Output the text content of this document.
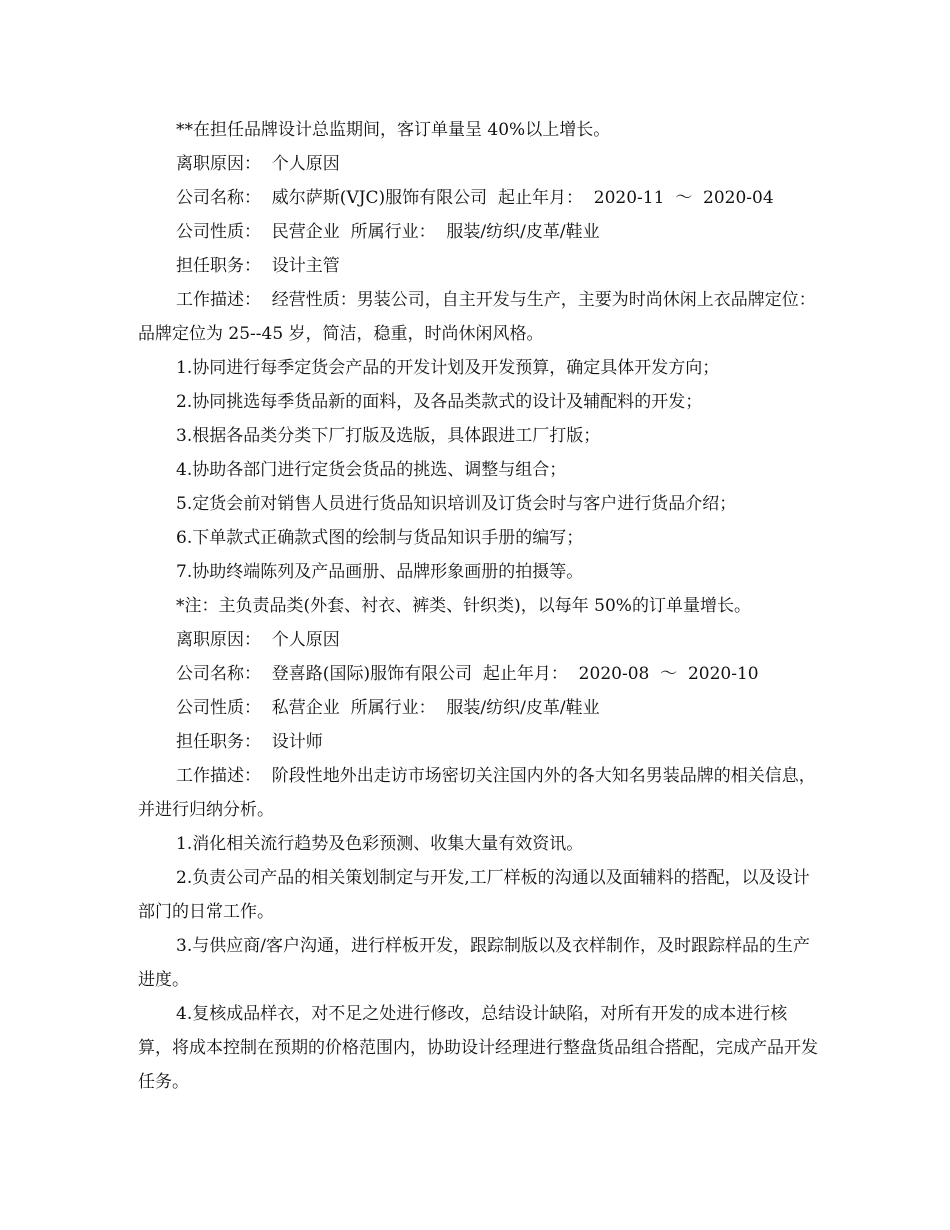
**在担任品牌设计总监期间，客订单量呈 40%以上增长。

离职原因：  个人原因

公司名称：  威尔萨斯(VJC)服饰有限公司  起止年月：  2020-11  ～  2020-04

公司性质：  民营企业  所属行业：  服装/纺织/皮革/鞋业

担任职务：  设计主管

工作描述：  经营性质：男装公司，自主开发与生产，主要为时尚休闲上衣品牌定位：品牌定位为 25--45 岁，简洁，稳重，时尚休闲风格。

1.协同进行每季定货会产品的开发计划及开发预算，确定具体开发方向；

2.协同挑选每季货品新的面料，及各品类款式的设计及辅配料的开发；

3.根据各品类分类下厂打版及选版，具体跟进工厂打版；

4.协助各部门进行定货会货品的挑选、调整与组合；

5.定货会前对销售人员进行货品知识培训及订货会时与客户进行货品介绍；

6.下单款式正确款式图的绘制与货品知识手册的编写；

7.协助终端陈列及产品画册、品牌形象画册的拍摄等。

*注：主负责品类(外套、衬衣、裤类、针织类)，以每年 50%的订单量增长。

离职原因：  个人原因

公司名称：  登喜路(国际)服饰有限公司  起止年月：  2020-08  ～  2020-10

公司性质：  私营企业  所属行业：  服装/纺织/皮革/鞋业

担任职务：  设计师

工作描述：  阶段性地外出走访市场密切关注国内外的各大知名男装品牌的相关信息，并进行归纳分析。

1.消化相关流行趋势及色彩预测、收集大量有效资讯。

2.负责公司产品的相关策划制定与开发,工厂样板的沟通以及面辅料的搭配，以及设计部门的日常工作。

3.与供应商/客户沟通，进行样板开发，跟踪制版以及衣样制作，及时跟踪样品的生产进度。

4.复核成品样衣，对不足之处进行修改，总结设计缺陷，对所有开发的成本进行核算，将成本控制在预期的价格范围内，协助设计经理进行整盘货品组合搭配，完成产品开发任务。
